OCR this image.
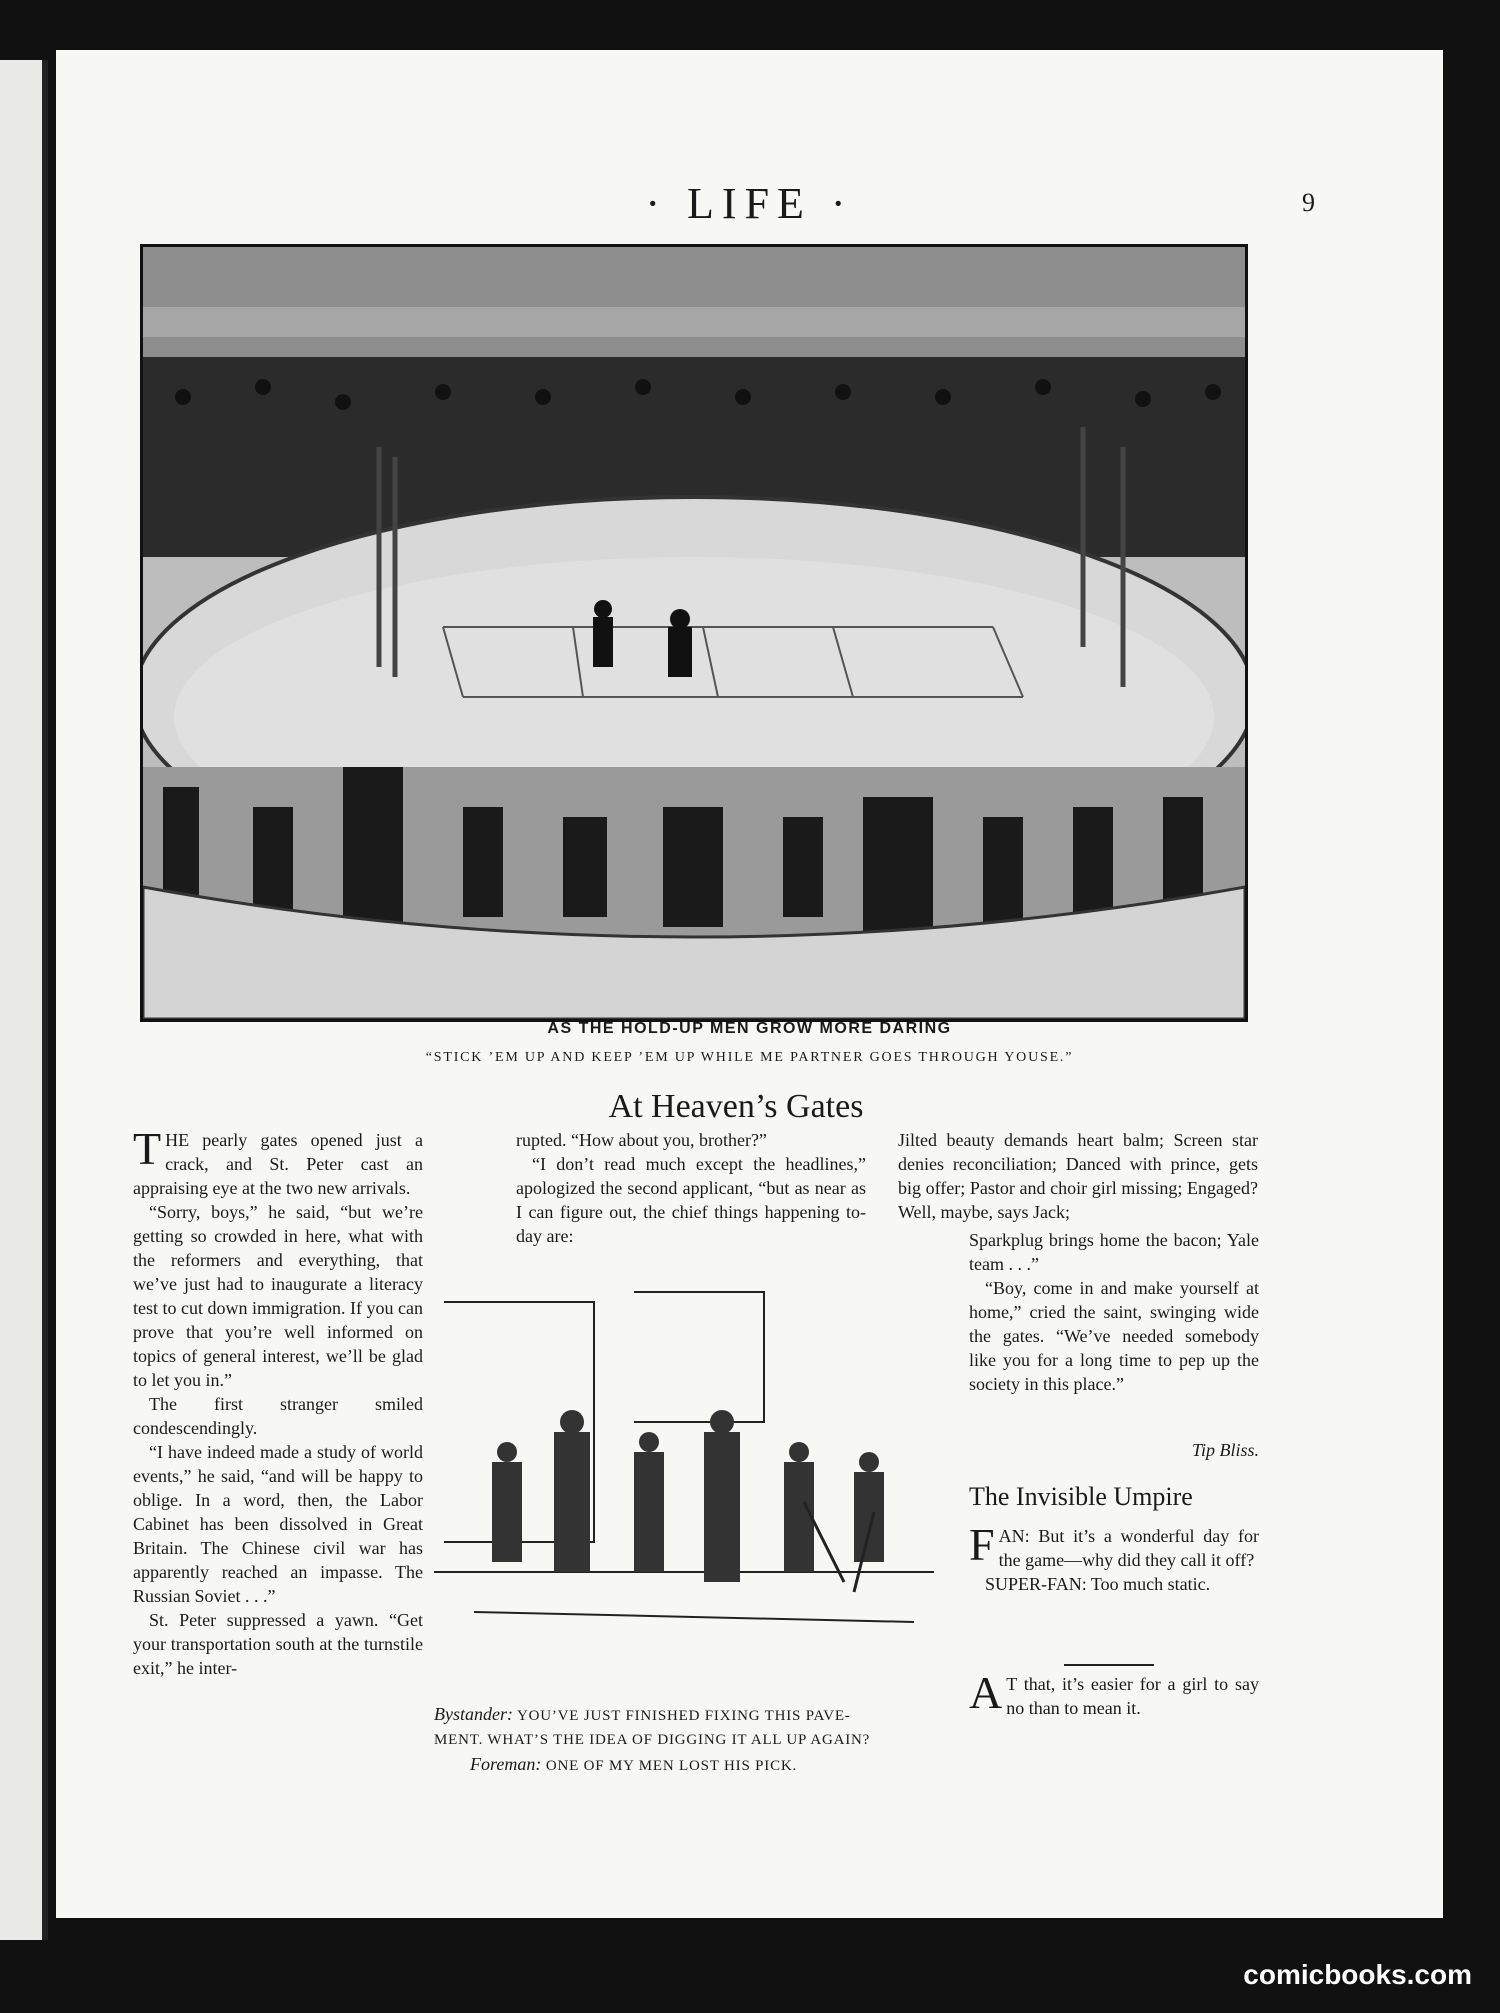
· LIFE ·	9
AS THE HOLD-UP MEN GROW MORE DARING
“STICK ’EM UP AND KEEP ’EM UP WHILE ME PARTNER GOES THROUGH YOUSE.”
At Heaven’s Gates
T HE pearly gates opened just a crack, and St. Peter cast an appraising eye at the two new arrivals.

“Sorry, boys,” he said, “but we’re getting so crowded in here, what with the reformers and everything, that we’ve just had to inaugurate a literacy test to cut down immigration. If you can prove that you’re well informed on topics of general interest, we’ll be glad to let you in.”

The first stranger smiled condescendingly.

“I have indeed made a study of world events,” he said, “and will be happy to oblige. In a word, then, the Labor Cabinet has been dissolved in Great Britain. The Chinese civil war has apparently reached an impasse. The Russian Soviet . . .”

St. Peter suppressed a yawn. “Get your transportation south at the turnstile exit,” he inter-

rupted. “How about you, brother?”

“I don’t read much except the headlines,” apologized the second applicant, “but as near as I can figure out, the chief things happening to-day are:

Jilted beauty demands heart balm; Screen star denies reconciliation; Danced with prince, gets big offer; Pastor and choir girl missing; Engaged? Well, maybe, says Jack;

Sparkplug brings home the bacon; Yale team . . .”

“Boy, come in and make yourself at home,” cried the saint, swinging wide the gates. “We’ve needed somebody like you for a long time to pep up the society in this place.”

Tip Bliss.
Bystander: YOU’VE JUST FINISHED FIXING THIS PAVE-
MENT. WHAT’S THE IDEA OF DIGGING IT ALL UP AGAIN?
Foreman: ONE OF MY MEN LOST HIS PICK.
The Invisible Umpire
F AN: But it’s a wonderful day for the game—why did they call it off?

SUPER-FAN: Too much static.

A T that, it’s easier for a girl to say no than to mean it.

comicbooks.com
